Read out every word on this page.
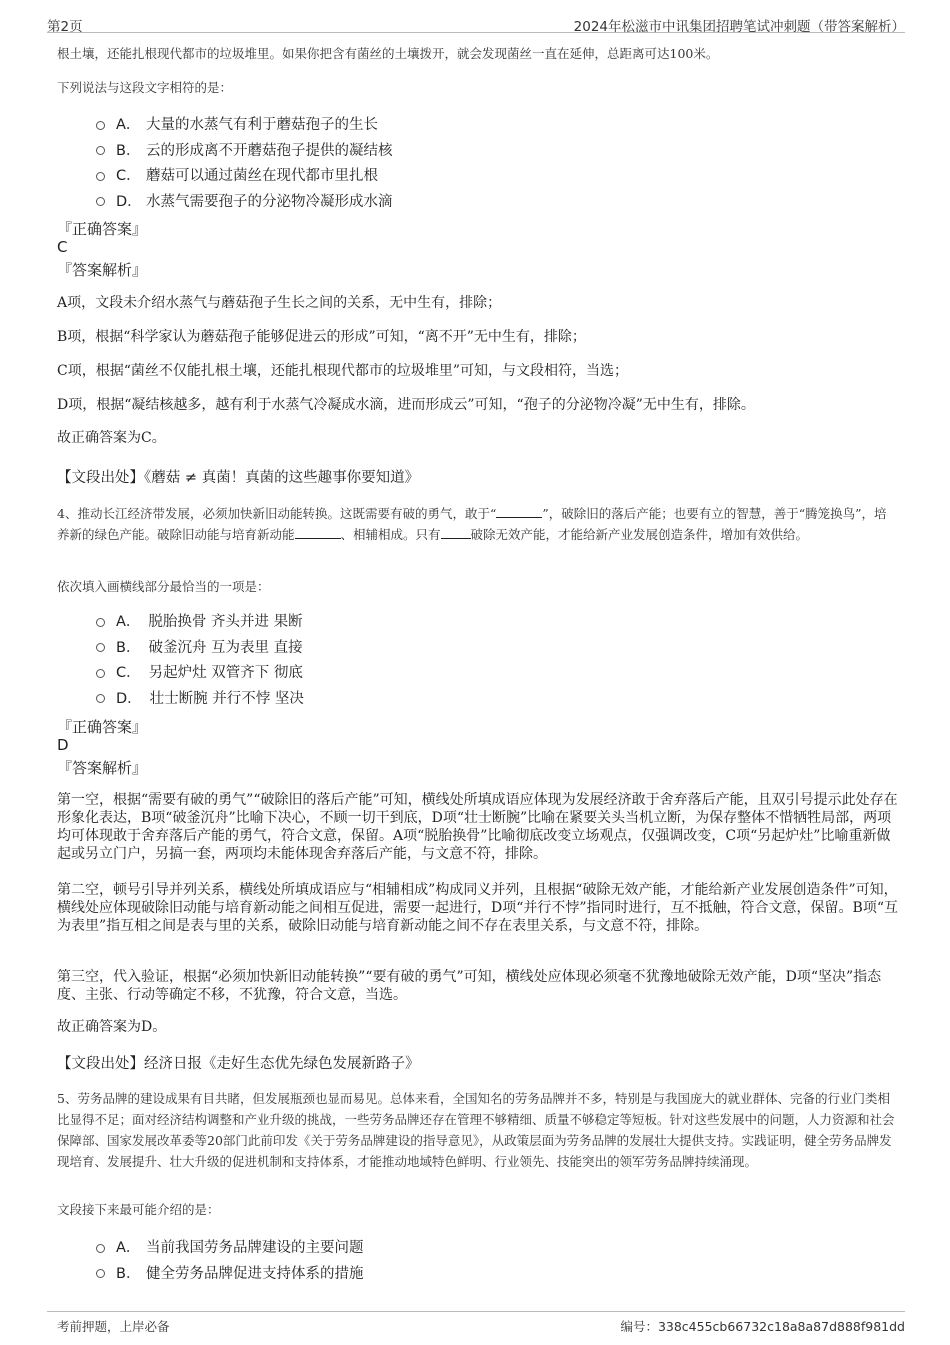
第2页	2024年松滋市中讯集团招聘笔试冲刺题（带答案解析）
根土壤，还能扎根现代都市的垃圾堆里。如果你把含有菌丝的土壤拨开，就会发现菌丝一直在延伸，总距离可达100米。
下列说法与这段文字相符的是：
A． 大量的水蒸气有利于蘑菇孢子的生长
B． 云的形成离不开蘑菇孢子提供的凝结核
C． 蘑菇可以通过菌丝在现代都市里扎根
D． 水蒸气需要孢子的分泌物冷凝形成水滴
『正确答案』
C
『答案解析』
A项，文段未介绍水蒸气与蘑菇孢子生长之间的关系，无中生有，排除；
B项，根据“科学家认为蘑菇孢子能够促进云的形成”可知，“离不开”无中生有，排除；
C项，根据“菌丝不仅能扎根土壤，还能扎根现代都市的垃圾堆里”可知，与文段相符，当选；
D项，根据“凝结核越多，越有利于水蒸气冷凝成水滴，进而形成云”可知，“孢子的分泌物冷凝”无中生有，排除。
故正确答案为C。
【文段出处】《蘑菇 ≠ 真菌！真菌的这些趣事你要知道》
4、推动长江经济带发展，必须加快新旧动能转换。这既需要有破的勇气，敢于“	”，破除旧的落后产能；也要有立的智慧，善于“腾笼换鸟”，培养新的绿色产能。破除旧动能与培育新动能	、相辅相成。只有 破除无效产能，才能给新产业发展创造条件，增加有效供给。
依次填入画横线部分最恰当的一项是：
A． 脱胎换骨 齐头并进 果断
B． 破釜沉舟 互为表里 直接
C． 另起炉灶 双管齐下 彻底
D． 壮士断腕 并行不悖 坚决
『正确答案』
D
『答案解析』
第一空，根据“需要有破的勇气”“破除旧的落后产能”可知，横线处所填成语应体现为发展经济敢于舍弃落后产能，且双引号提示此处存在形象化表达，B项“破釜沉舟”比喻下决心，不顾一切干到底，D项“壮士断腕”比喻在紧要关头当机立断，为保存整体不惜牺牲局部，两项均可体现敢于舍弃落后产能的勇气，符合文意，保留。A项“脱胎换骨”比喻彻底改变立场观点，仅强调改变，C项“另起炉灶”比喻重新做起或另立门户，另搞一套，两项均未能体现舍弃落后产能，与文意不符，排除。
第二空，顿号引导并列关系，横线处所填成语应与“相辅相成”构成同义并列，且根据“破除无效产能，才能给新产业发展创造条件”可知，横线处应体现破除旧动能与培育新动能之间相互促进，需要一起进行，D项“并行不悖”指同时进行，互不抵触，符合文意，保留。B项“互为表里”指互相之间是表与里的关系，破除旧动能与培育新动能之间不存在表里关系，与文意不符，排除。
第三空，代入验证，根据“必须加快新旧动能转换”“要有破的勇气”可知，横线处应体现必须毫不犹豫地破除无效产能，D项“坚决”指态度、主张、行动等确定不移，不犹豫，符合文意，当选。
故正确答案为D。
【文段出处】经济日报《走好生态优先绿色发展新路子》
5、劳务品牌的建设成果有目共睹，但发展瓶颈也显而易见。总体来看，全国知名的劳务品牌并不多，特别是与我国庞大的就业群体、完备的行业门类相比显得不足；面对经济结构调整和产业升级的挑战，一些劳务品牌还存在管理不够精细、质量不够稳定等短板。针对这些发展中的问题，人力资源和社会保障部、国家发展改革委等20部门此前印发《关于劳务品牌建设的指导意见》，从政策层面为劳务品牌的发展壮大提供支持。实践证明，健全劳务品牌发现培育、发展提升、壮大升级的促进机制和支持体系，才能推动地域特色鲜明、行业领先、技能突出的领军劳务品牌持续涌现。
文段接下来最可能介绍的是：
A． 当前我国劳务品牌建设的主要问题
B． 健全劳务品牌促进支持体系的措施
考前押题，上岸必备	编号：338c455cb66732c18a8a87d888f981dd
